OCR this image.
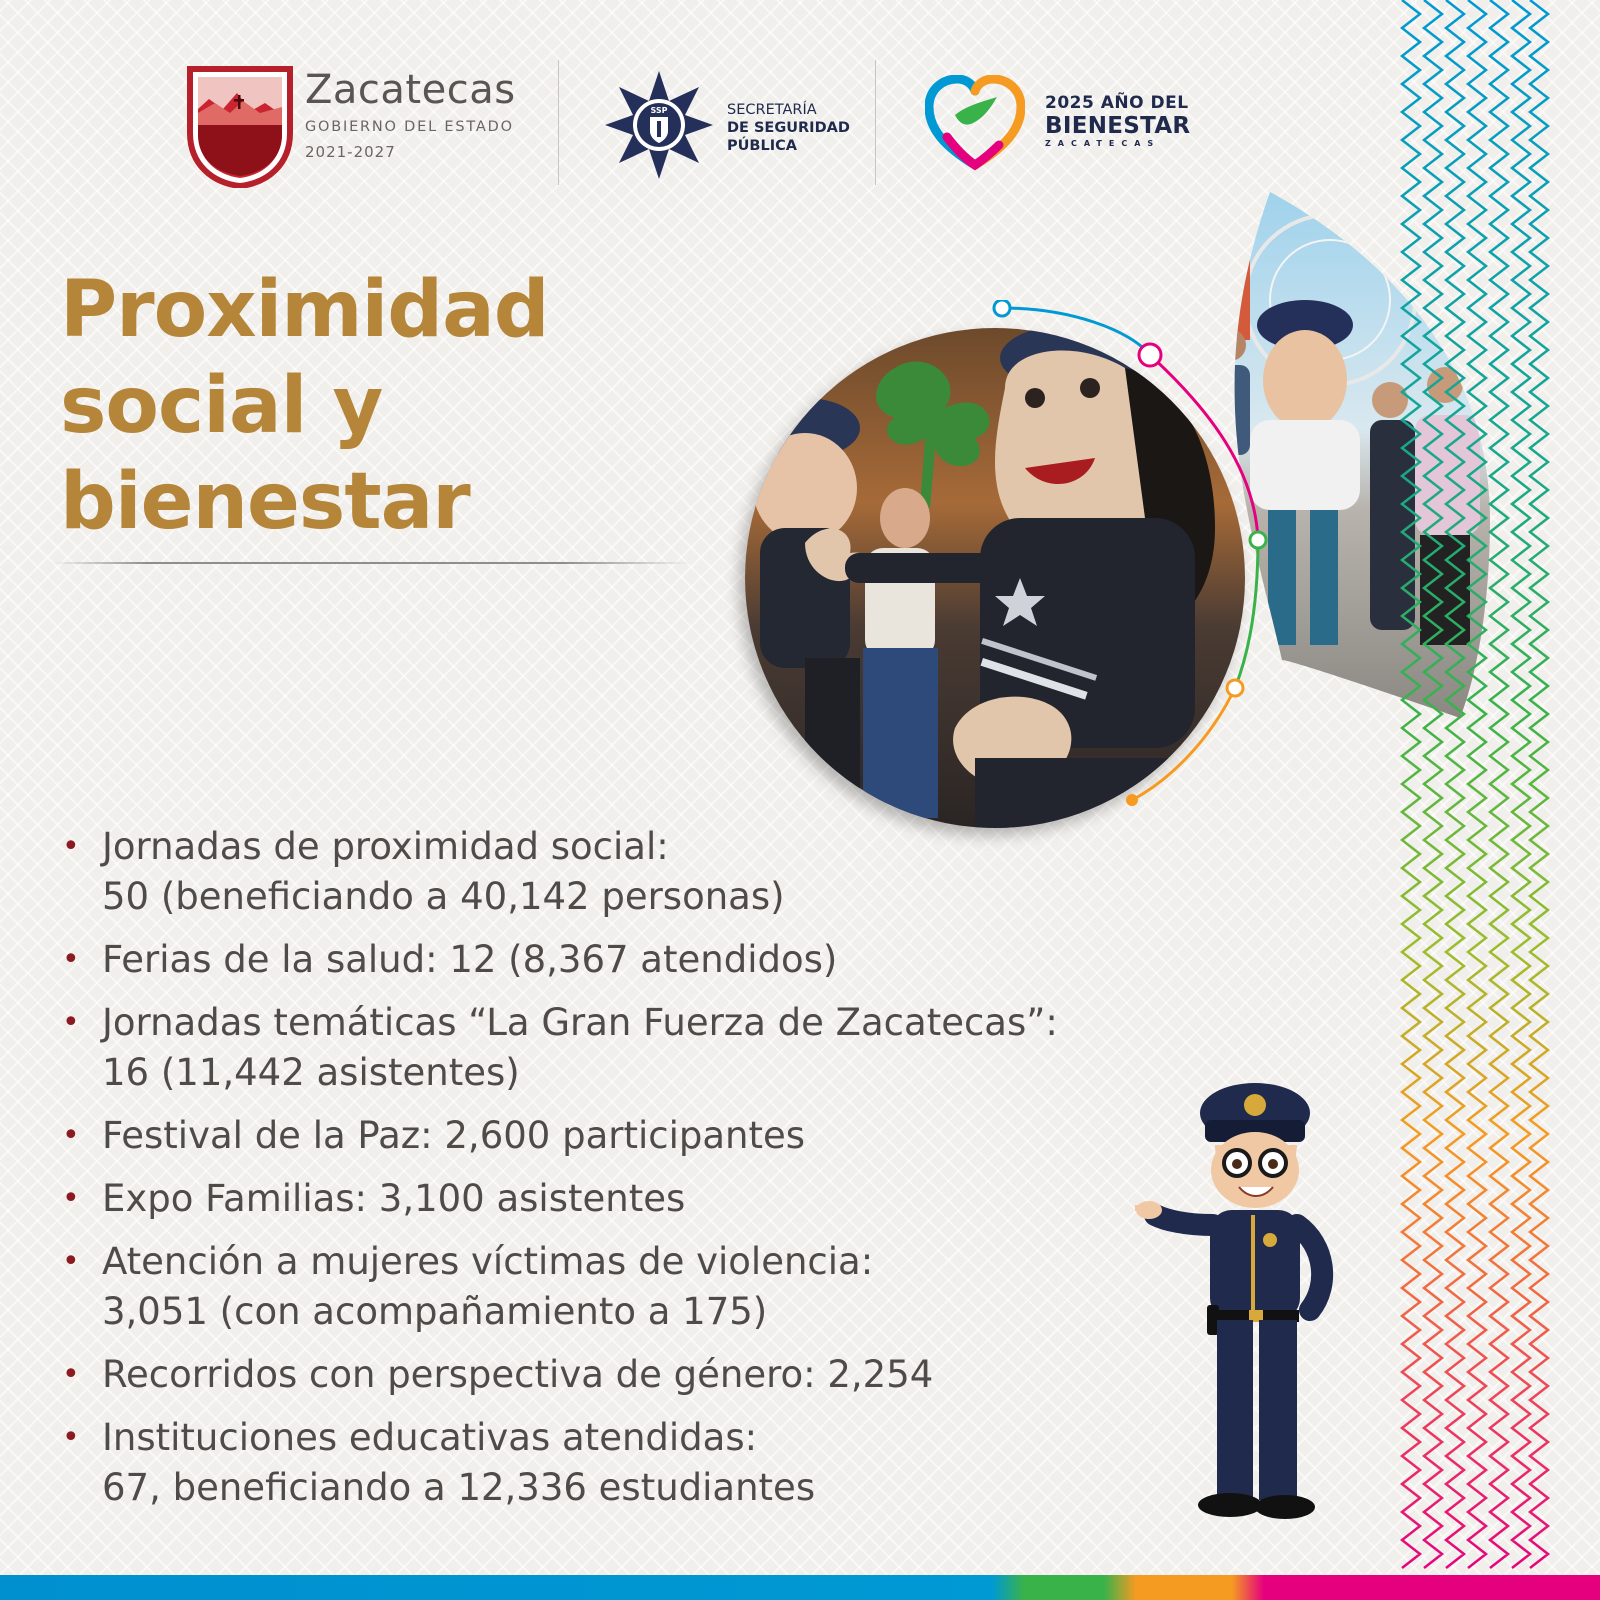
Zacatecas
GOBIERNO DEL ESTADO
2021-2027
SSP	SECRETARÍA
DE SEGURIDAD
PÚBLICA
2025 AÑO DEL
BIENESTAR
ZACATECAS
Proximidad
social y
bienestar
• Jornadas de proximidad social:
50 (beneficiando a 40,142 personas)
• Ferias de la salud: 12 (8,367 atendidos)
• Jornadas temáticas “La Gran Fuerza de Zacatecas”:
16 (11,442 asistentes)
• Festival de la Paz: 2,600 participantes
• Expo Familias: 3,100 asistentes
• Atención a mujeres víctimas de violencia:
3,051 (con acompañamiento a 175)
• Recorridos con perspectiva de género: 2,254
• Instituciones educativas atendidas:
67, beneficiando a 12,336 estudiantes
